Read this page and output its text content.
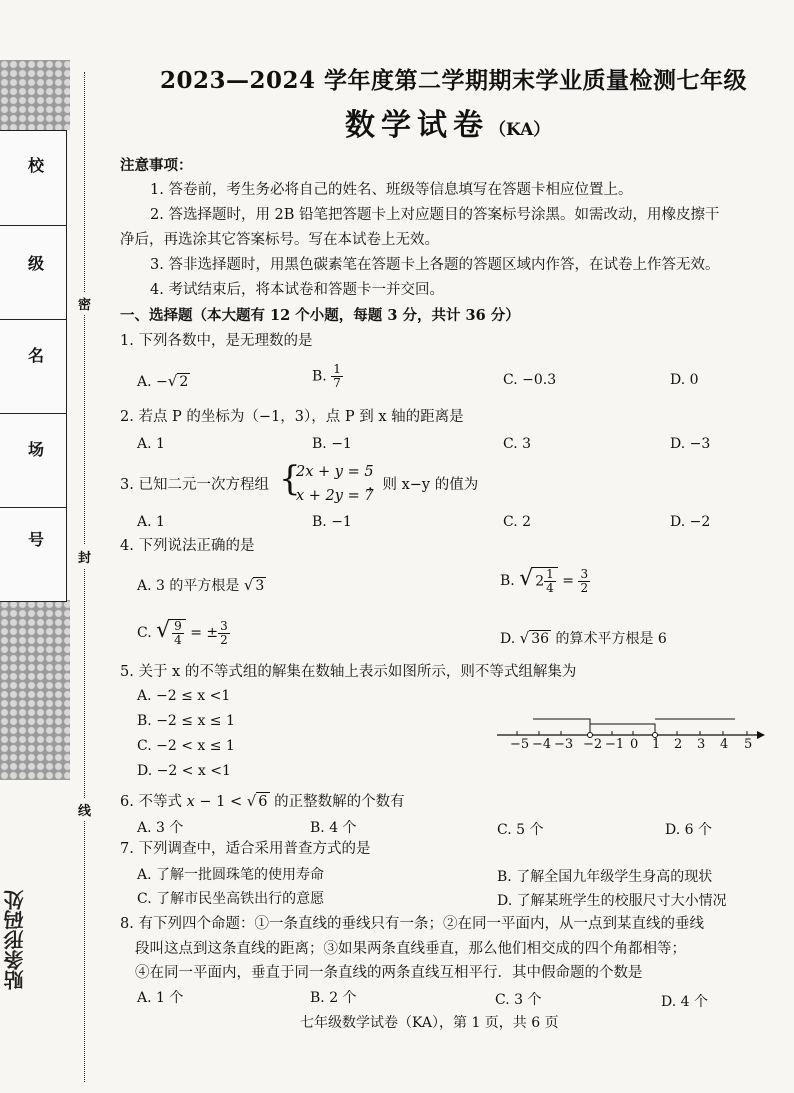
校
级
名
场
号
贴条形码处
密
封
线
2023—2024 学年度第二学期期末学业质量检测七年级
数学试卷（KA）
注意事项：
1. 答卷前，考生务必将自己的姓名、班级等信息填写在答题卡相应位置上。
2. 答选择题时，用 2B 铅笔把答题卡上对应题目的答案标号涂黑。如需改动，用橡皮擦干
净后，再选涂其它答案标号。写在本试卷上无效。
3. 答非选择题时，用黑色碳素笔在答题卡上各题的答题区域内作答，在试卷上作答无效。
4. 考试结束后，将本试卷和答题卡一并交回。
一、选择题（本大题有 12 个小题，每题 3 分，共计 36 分）
1. 下列各数中，是无理数的是
A. −√ 2	B. $\frac{1}{7}$	C. −0.3	D. 0
2. 若点 P 的坐标为（−1，3），点 P 到 x 轴的距离是
A. 1	B. −1	C. 3	D. −3
3. 已知二元一次方程组 {
2x + y = 5
x + 2y = 7
，则 x−y 的值为
A. 1	B. −1	C. 2	D. −2
4. 下列说法正确的是
A. 3 的平方根是 √ 3	B. √ $2 \frac{1}{4} = \frac{3}{2}$
C. √ $\frac{9}{4}$ = ± $\frac{3}{2}$	D. √ 36 的算术平方根是 6
5. 关于 x 的不等式组的解集在数轴上表示如图所示，则不等式组解集为
A. −2 ≤ x <1
B. −2 ≤ x ≤ 1
C. −2 < x ≤ 1
D. −2 < x <1
−5 −4 −3 −2 −1 0 1 2 3 4 5
6. 不等式 x − 1 < √ 6 的正整数解的个数有
A. 3 个	B. 4 个	C. 5 个	D. 6 个
7. 下列调查中，适合采用普查方式的是
A. 了解一批圆珠笔的使用寿命	B. 了解全国九年级学生身高的现状
C. 了解市民坐高铁出行的意愿	D. 了解某班学生的校服尺寸大小情况
8. 有下列四个命题：①一条直线的垂线只有一条；②在同一平面内，从一点到某直线的垂线
段叫这点到这条直线的距离；③如果两条直线垂直，那么他们相交成的四个角都相等；
④在同一平面内，垂直于同一条直线的两条直线互相平行．其中假命题的个数是
A. 1 个	B. 2 个	C. 3 个	D. 4 个
七年级数学试卷（KA），第 1 页，共 6 页
